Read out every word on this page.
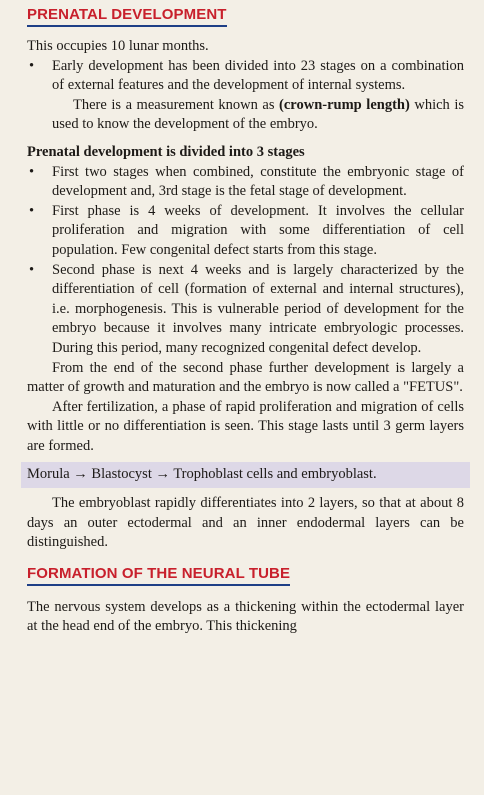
PRENATAL DEVELOPMENT

This occupies 10 lunar months.

• Early development has been divided into 23 stages on a combination of external features and the development of internal systems.

There is a measurement known as (crown-rump length) which is used to know the development of the embryo.

Prenatal development is divided into 3 stages
• First two stages when combined, constitute the embryonic stage of development and, 3rd stage is the fetal stage of development.
• First phase is 4 weeks of development. It involves the cellular proliferation and migration with some differentiation of cell population. Few congenital defect starts from this stage.
• Second phase is next 4 weeks and is largely characterized by the differentiation of cell (formation of external and internal structures), i.e. morphogenesis. This is vulnerable period of development for the embryo because it involves many intricate embryologic processes. During this period, many recognized congenital defect develop.

From the end of the second phase further development is largely a matter of growth and maturation and the embryo is now called a "FETUS".

After fertilization, a phase of rapid proliferation and migration of cells with little or no differentiation is seen. This stage lasts until 3 germ layers are formed.

Morula → Blastocyst → Trophoblast cells and embryoblast.

The embryoblast rapidly differentiates into 2 layers, so that at about 8 days an outer ectodermal and an inner endodermal layers can be distinguished.

FORMATION OF THE NEURAL TUBE

The nervous system develops as a thickening within the ectodermal layer at the head end of the embryo. This thickening
